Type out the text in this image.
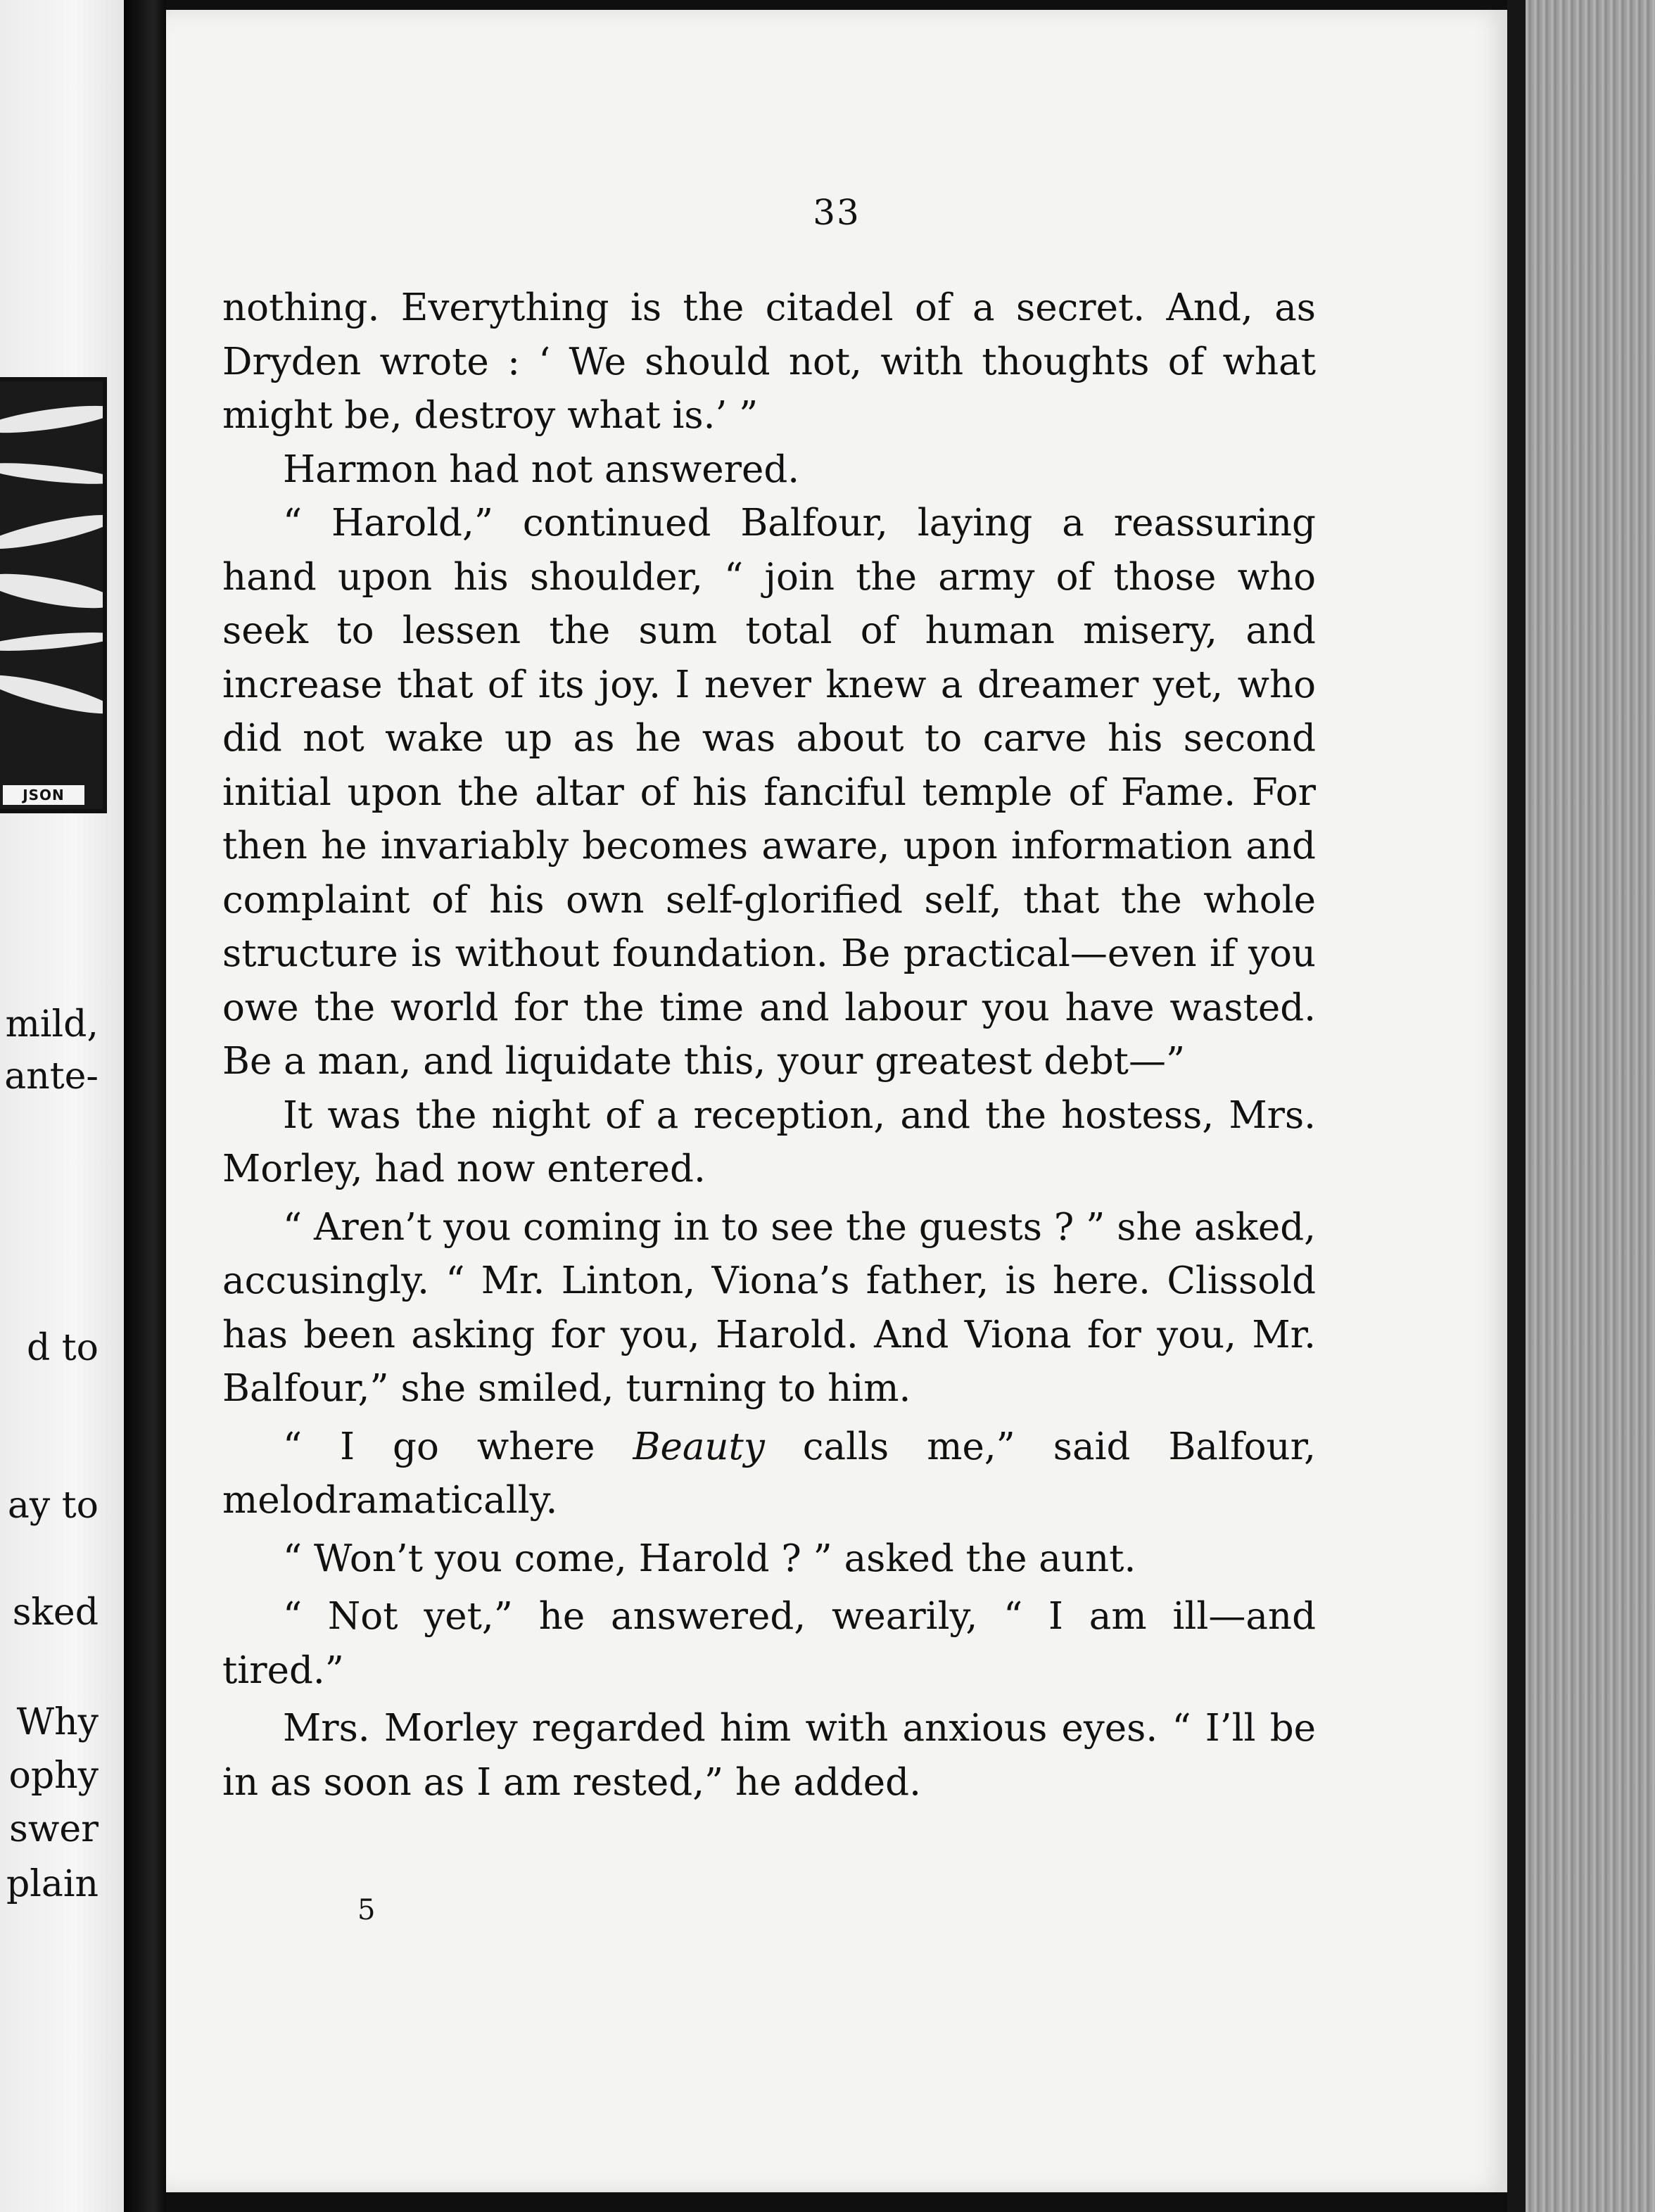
JSON
mild,
ante-
d to
ay to
sked
Why
ophy
swer
plain
33

nothing. Everything is the citadel of a secret. And, as Dryden wrote : ‘ We should not, with thoughts of what might be, destroy what is.’ ”

Harmon had not answered.

“ Harold,” continued Balfour, laying a reassuring hand upon his shoulder, “ join the army of those who seek to lessen the sum total of human misery, and increase that of its joy. I never knew a dreamer yet, who did not wake up as he was about to carve his second initial upon the altar of his fanciful temple of Fame. For then he invariably becomes aware, upon information and complaint of his own self-glorified self, that the whole structure is without foundation. Be practical—even if you owe the world for the time and labour you have wasted. Be a man, and liquidate this, your greatest debt—”

It was the night of a reception, and the hostess, Mrs. Morley, had now entered.

“ Aren’t you coming in to see the guests ? ” she asked, accusingly. “ Mr. Linton, Viona’s father, is here. Clissold has been asking for you, Harold. And Viona for you, Mr. Balfour,” she smiled, turning to him.

“ I go where Beauty calls me,” said Balfour, melodramatically.

“ Won’t you come, Harold ? ” asked the aunt.

“ Not yet,” he answered, wearily, “ I am ill—and tired.”

Mrs. Morley regarded him with anxious eyes. “ I’ll be in as soon as I am rested,” he added.

5
